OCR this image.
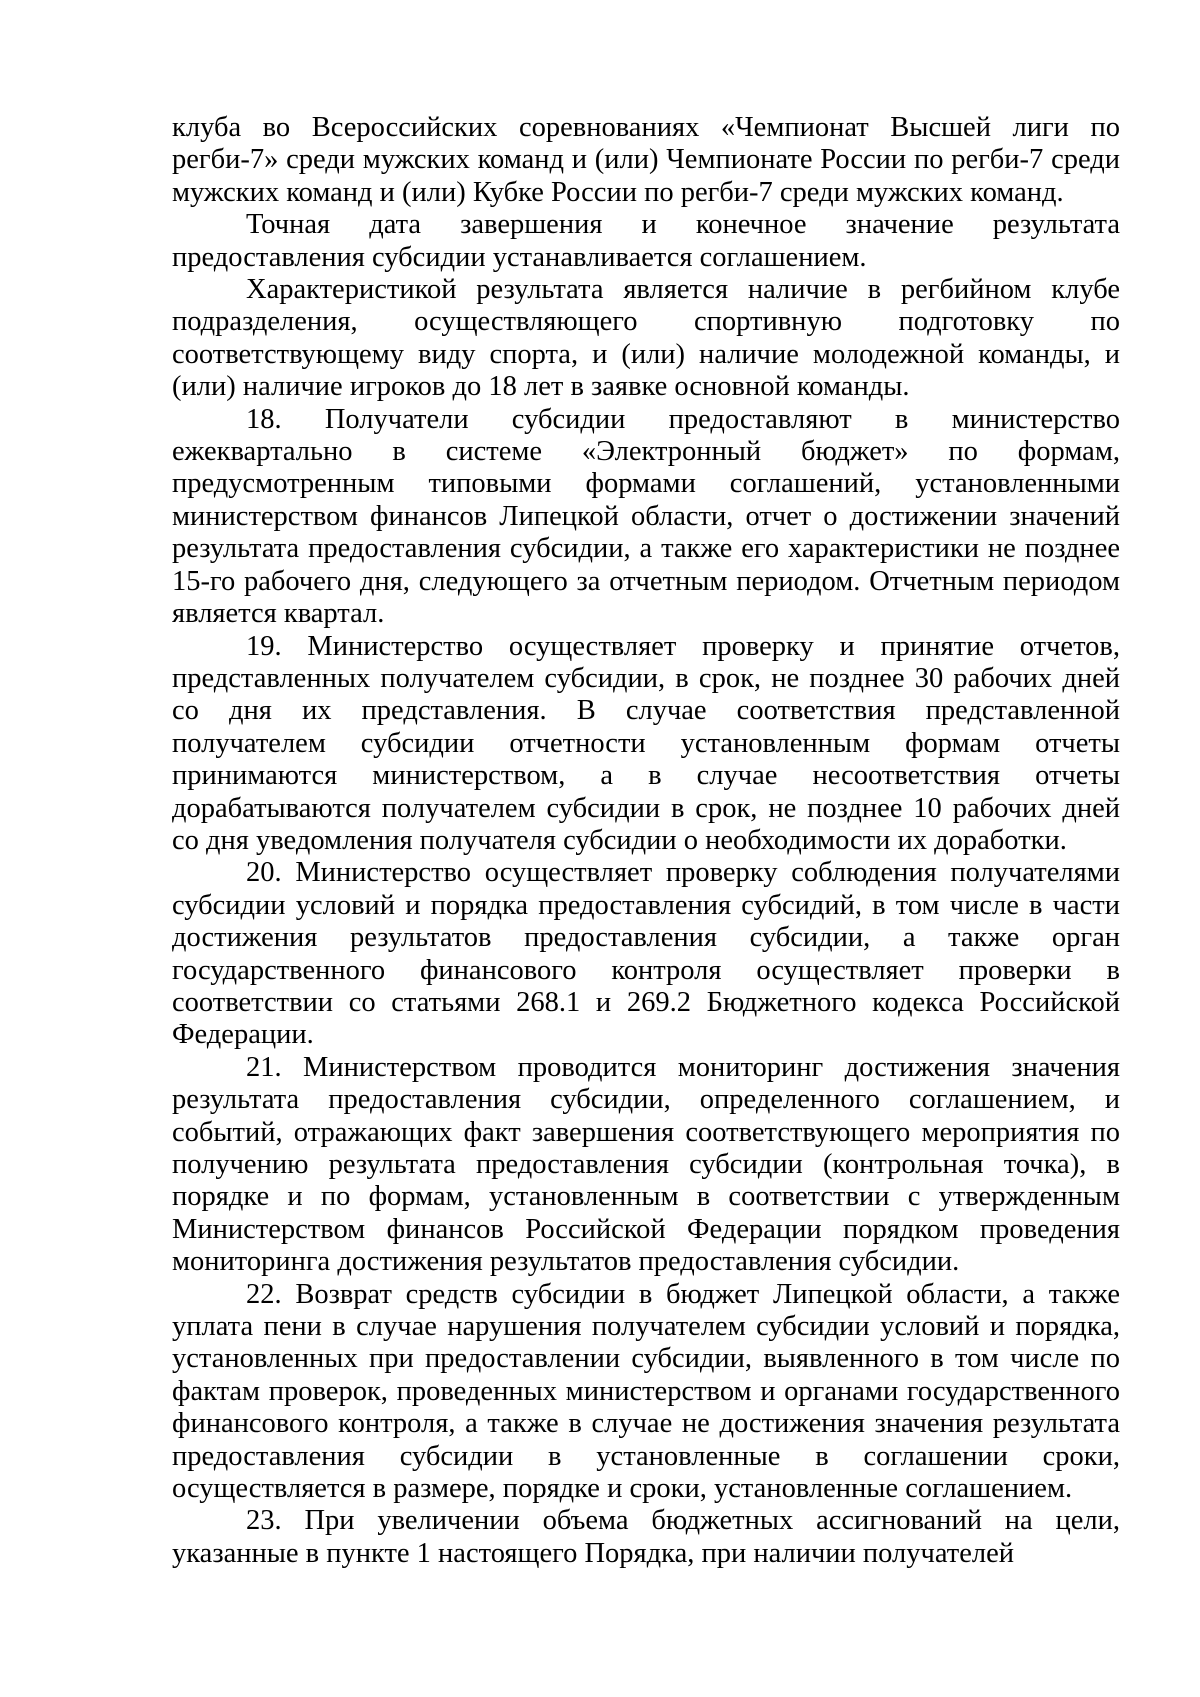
клуба во Всероссийских соревнованиях «Чемпионат Высшей лиги по регби-7» среди мужских команд и (или) Чемпионате России по регби-7 среди мужских команд и (или) Кубке России по регби-7 среди мужских команд.

Точная дата завершения и конечное значение результата предоставления субсидии устанавливается соглашением.

Характеристикой результата является наличие в регбийном клубе подразделения, осуществляющего спортивную подготовку по соответствующему виду спорта, и (или) наличие молодежной команды, и (или) наличие игроков до 18 лет в заявке основной команды.

18. Получатели субсидии предоставляют в министерство ежеквартально в системе «Электронный бюджет» по формам, предусмотренным типовыми формами соглашений, установленными министерством финансов Липецкой области, отчет о достижении значений результата предоставления субсидии, а также его характеристики не позднее 15-го рабочего дня, следующего за отчетным периодом. Отчетным периодом является квартал.

19. Министерство осуществляет проверку и принятие отчетов, представленных получателем субсидии, в срок, не позднее 30 рабочих дней со дня их представления. В случае соответствия представленной получателем субсидии отчетности установленным формам отчеты принимаются министерством, а в случае несоответствия отчеты дорабатываются получателем субсидии в срок, не позднее 10 рабочих дней со дня уведомления получателя субсидии о необходимости их доработки.

20. Министерство осуществляет проверку соблюдения получателями субсидии условий и порядка предоставления субсидий, в том числе в части достижения результатов предоставления субсидии, а также орган государственного финансового контроля осуществляет проверки в соответствии со статьями 268.1 и 269.2 Бюджетного кодекса Российской Федерации.

21. Министерством проводится мониторинг достижения значения результата предоставления субсидии, определенного соглашением, и событий, отражающих факт завершения соответствующего мероприятия по получению результата предоставления субсидии (контрольная точка), в порядке и по формам, установленным в соответствии с утвержденным Министерством финансов Российской Федерации порядком проведения мониторинга достижения результатов предоставления субсидии.

22. Возврат средств субсидии в бюджет Липецкой области, а также уплата пени в случае нарушения получателем субсидии условий и порядка, установленных при предоставлении субсидии, выявленного в том числе по фактам проверок, проведенных министерством и органами государственного финансового контроля, а также в случае не достижения значения результата предоставления субсидии в установленные в соглашении сроки, осуществляется в размере, порядке и сроки, установленные соглашением.

23. При увеличении объема бюджетных ассигнований на цели, указанные в пункте 1 настоящего Порядка, при наличии получателей
